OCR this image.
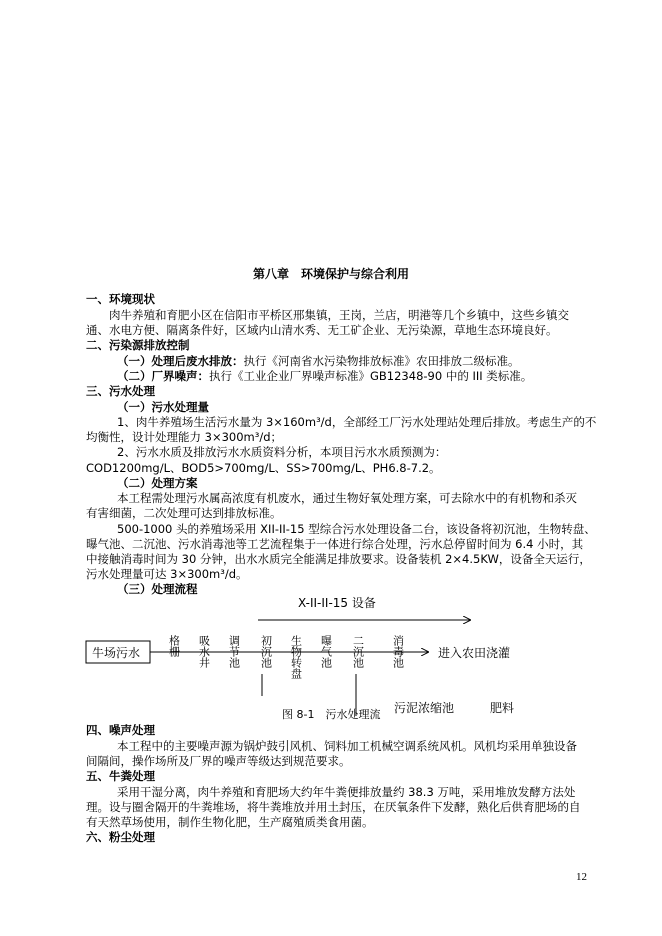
第八章　环境保护与综合利用
一、环境现状
肉牛养殖和育肥小区在信阳市平桥区邢集镇，王岗，兰店，明港等几个乡镇中，这些乡镇交
通、水电方便、隔离条件好，区域内山清水秀、无工矿企业、无污染源，草地生态环境良好。
二、污染源排放控制
（一）处理后废水排放：执行《河南省水污染物排放标准》农田排放二级标准。
（二）厂界噪声：执行《工业企业厂界噪声标准》GB12348-90 中的 III 类标准。
三、污水处理
（一）污水处理量
1、肉牛养殖场生活污水量为 3×160m³/d，全部经工厂污水处理站处理后排放。考虑生产的不
均衡性，设计处理能力 3×300m³/d；
2、污水水质及排放污水水质资料分析，本项目污水水质预测为：
COD1200mg/L、BOD5>700mg/L、SS>700mg/L、PH6.8-7.2。
（二）处理方案
本工程需处理污水属高浓度有机废水，通过生物好氧处理方案，可去除水中的有机物和杀灭
有害细菌，二次处理可达到排放标准。
500-1000 头的养殖场采用 XII-II-15 型综合污水处理设备二台，该设备将初沉池，生物转盘、
曝气池、二沉池、污水消毒池等工艺流程集于一体进行综合处理，污水总停留时间为 6.4 小时，其
中接触消毒时间为 30 分钟，出水水质完全能满足排放要求。设备装机 2×4.5KW，设备全天运行，
污水处理量可达 3×300m³/d。
（三）处理流程
X-II-II-15 设备
牛场污水 格栅 吸水井 调节池 初沉池 生物转盘 曝气池 二沉池 消毒池	进入农田浇灌
污泥浓缩池	肥料
图 8-1　污水处理流
四、噪声处理
本工程中的主要噪声源为锅炉鼓引风机、饲料加工机械空调系统风机。风机均采用单独设备
间隔间，操作场所及厂界的噪声等级达到规范要求。
五、牛粪处理
采用干湿分离，肉牛养殖和育肥场大约年牛粪便排放量约 38.3 万吨，采用堆放发酵方法处
理。设与圈舍隔开的牛粪堆场，将牛粪堆放并用土封压，在厌氧条件下发酵，熟化后供育肥场的自
有天然草场使用，制作生物化肥，生产腐殖质类食用菌。
六、粉尘处理
12
